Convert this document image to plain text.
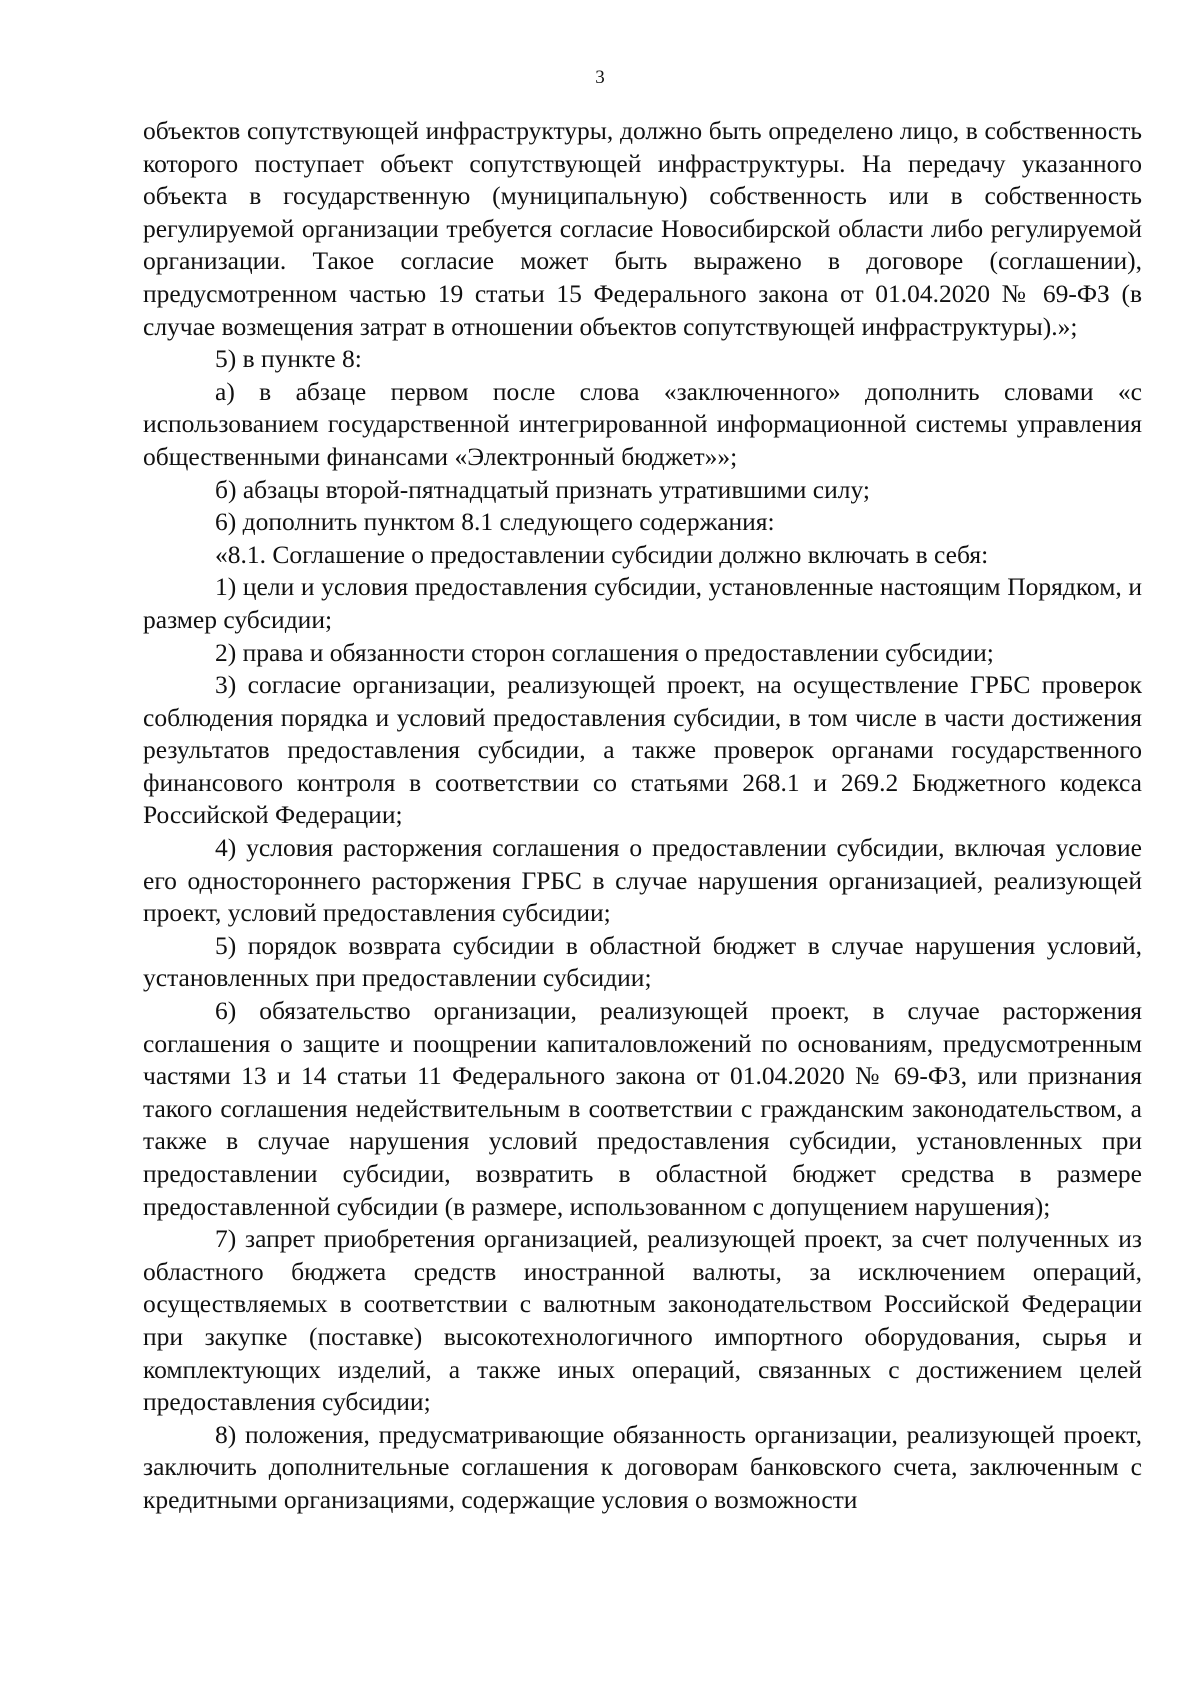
3

объектов сопутствующей инфраструктуры, должно быть определено лицо, в собственность которого поступает объект сопутствующей инфраструктуры. На передачу указанного объекта в государственную (муниципальную) собственность или в собственность регулируемой организации требуется согласие Новосибирской области либо регулируемой организации. Такое согласие может быть выражено в договоре (соглашении), предусмотренном частью 19 статьи 15 Федерального закона от 01.04.2020 № 69-ФЗ (в случае возмещения затрат в отношении объектов сопутствующей инфраструктуры).»;

5) в пункте 8:

а) в абзаце первом после слова «заключенного» дополнить словами «с использованием государственной интегрированной информационной системы управления общественными финансами «Электронный бюджет»»;

б) абзацы второй-пятнадцатый признать утратившими силу;

6) дополнить пунктом 8.1 следующего содержания:

«8.1. Соглашение о предоставлении субсидии должно включать в себя:

1) цели и условия предоставления субсидии, установленные настоящим Порядком, и размер субсидии;

2) права и обязанности сторон соглашения о предоставлении субсидии;

3) согласие организации, реализующей проект, на осуществление ГРБС проверок соблюдения порядка и условий предоставления субсидии, в том числе в части достижения результатов предоставления субсидии, а также проверок органами государственного финансового контроля в соответствии со статьями 268.1 и 269.2 Бюджетного кодекса Российской Федерации;

4) условия расторжения соглашения о предоставлении субсидии, включая условие его одностороннего расторжения ГРБС в случае нарушения организацией, реализующей проект, условий предоставления субсидии;

5) порядок возврата субсидии в областной бюджет в случае нарушения условий, установленных при предоставлении субсидии;

6) обязательство организации, реализующей проект, в случае расторжения соглашения о защите и поощрении капиталовложений по основаниям, предусмотренным частями 13 и 14 статьи 11 Федерального закона от 01.04.2020 № 69-ФЗ, или признания такого соглашения недействительным в соответствии с гражданским законодательством, а также в случае нарушения условий предоставления субсидии, установленных при предоставлении субсидии, возвратить в областной бюджет средства в размере предоставленной субсидии (в размере, использованном с допущением нарушения);

7) запрет приобретения организацией, реализующей проект, за счет полученных из областного бюджета средств иностранной валюты, за исключением операций, осуществляемых в соответствии с валютным законодательством Российской Федерации при закупке (поставке) высокотехнологичного импортного оборудования, сырья и комплектующих изделий, а также иных операций, связанных с достижением целей предоставления субсидии;

8) положения, предусматривающие обязанность организации, реализующей проект, заключить дополнительные соглашения к договорам банковского счета, заключенным с кредитными организациями, содержащие условия о возможности
